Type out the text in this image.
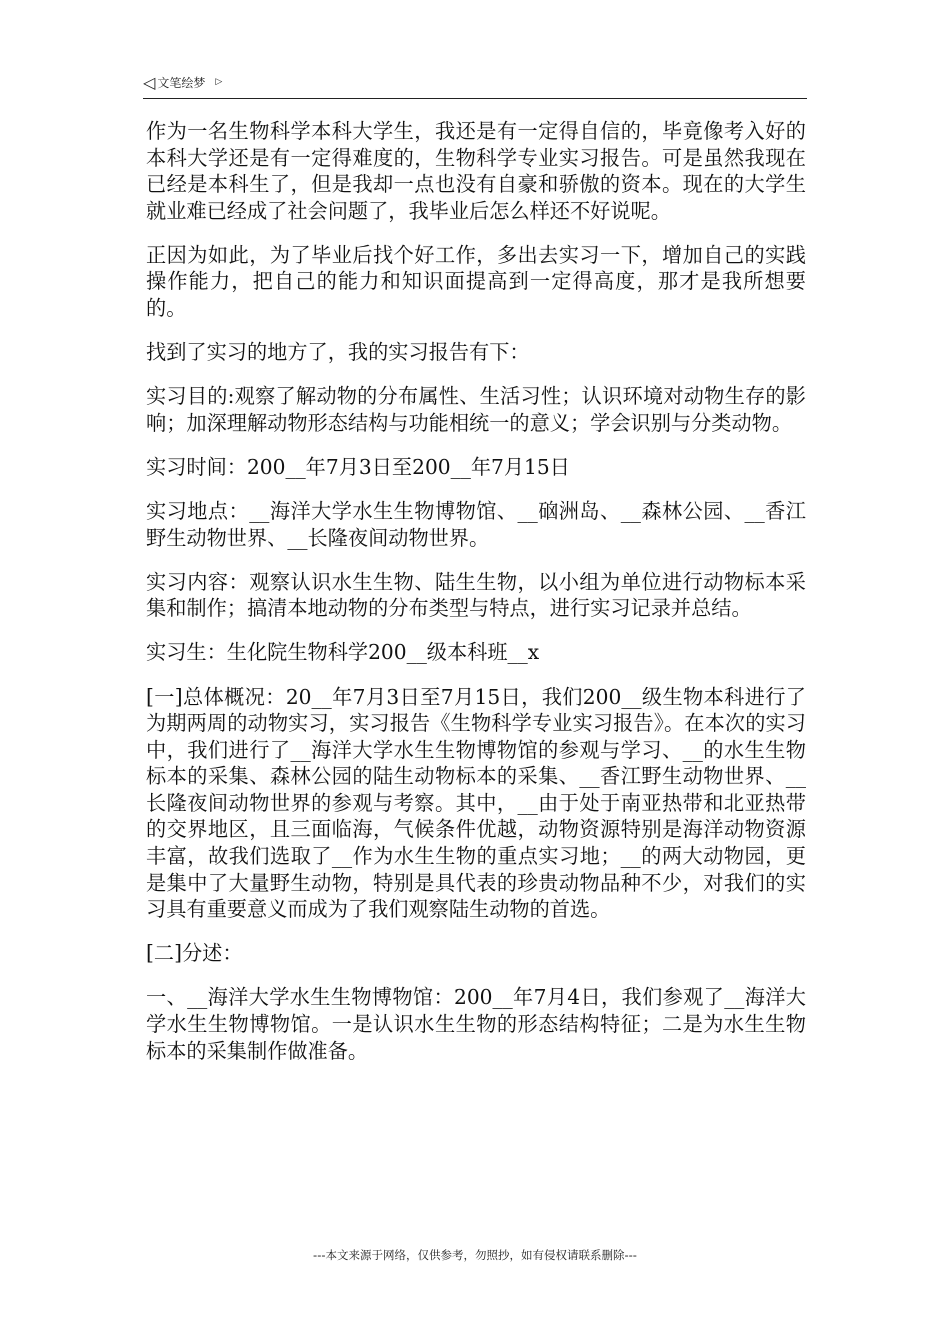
◁ 文笔绘梦 ▷

作为一名生物科学本科大学生，我还是有一定得自信的，毕竟像考入好的本科大学还是有一定得难度的，生物科学专业实习报告。可是虽然我现在已经是本科生了，但是我却一点也没有自豪和骄傲的资本。现在的大学生就业难已经成了社会问题了，我毕业后怎么样还不好说呢。

正因为如此，为了毕业后找个好工作，多出去实习一下，增加自己的实践操作能力，把自己的能力和知识面提高到一定得高度，那才是我所想要的。

找到了实习的地方了，我的实习报告有下：

实习目的:观察了解动物的分布属性、生活习性；认识环境对动物生存的影响；加深理解动物形态结构与功能相统一的意义；学会识别与分类动物。

实习时间：200__年7月3日至200__年7月15日

实习地点：__海洋大学水生生物博物馆、__硇洲岛、__森林公园、__香江野生动物世界、__长隆夜间动物世界。

实习内容：观察认识水生生物、陆生生物，以小组为单位进行动物标本采集和制作；搞清本地动物的分布类型与特点，进行实习记录并总结。

实习生：生化院生物科学200__级本科班__x

[一]总体概况：20__年7月3日至7月15日，我们200__级生物本科进行了为期两周的动物实习，实习报告《生物科学专业实习报告》。在本次的实习中，我们进行了__海洋大学水生生物博物馆的参观与学习、__的水生生物标本的采集、森林公园的陆生动物标本的采集、__香江野生动物世界、__长隆夜间动物世界的参观与考察。其中，__由于处于南亚热带和北亚热带的交界地区，且三面临海，气候条件优越，动物资源特别是海洋动物资源丰富，故我们选取了__作为水生生物的重点实习地；__的两大动物园，更是集中了大量野生动物，特别是具代表的珍贵动物品种不少，对我们的实习具有重要意义而成为了我们观察陆生动物的首选。

[二]分述：

一、__海洋大学水生生物博物馆：200__年7月4日，我们参观了__海洋大学水生生物博物馆。一是认识水生生物的形态结构特征；二是为水生生物标本的采集制作做准备。

---本文来源于网络，仅供参考，勿照抄，如有侵权请联系删除---
